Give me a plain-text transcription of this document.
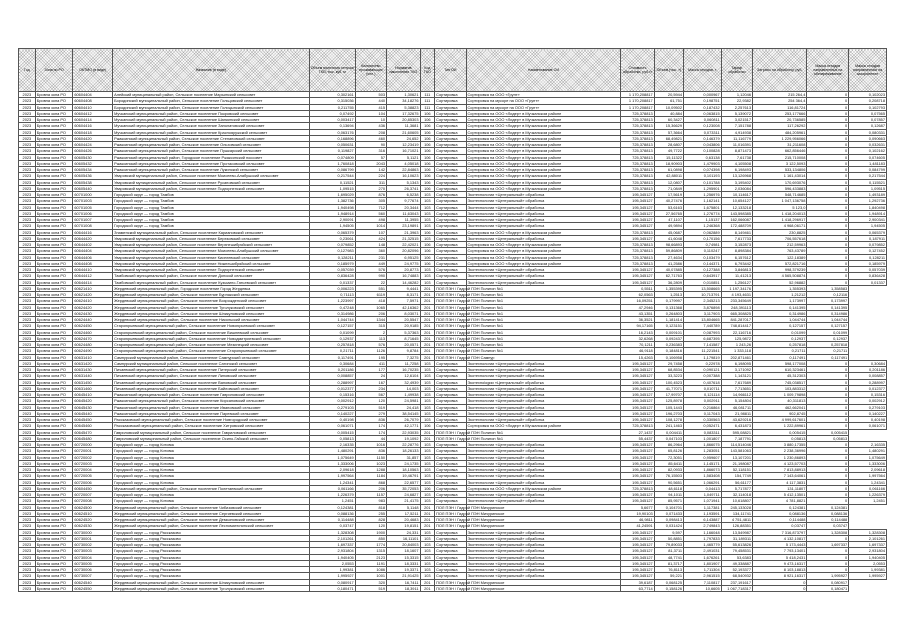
Год	Зона по РО	ОКТМО (в виде)	Название (в виде)	Объем полезного отпуска ТКО, тыс. куб. м	Количество проживающих (чел.)	Норматив накопления ТКО	Код ТКО	Тип ОИ	Наименование ОИ	Стоимость обработки, руб./т	Объем (тыс. т)	Масса отходов, т	Тариф обработки	Затраты на обработку, руб.	Масса отходов направленных на обезвреживание	Масса отходов направленных на захоронение
2023	Бровна зона РО	60604404	Алейский муниципальный район, Сельское поселение Марьинский сельсовет	0,302161	503	1,30621	111	Сортировка	Сортировка на ООО «Грунт»	1 170,208817	20,5944	0,000967	1,12046	215 264,4	0	0,102023
2023	Бровна зона РО	60604408	Бородинский муниципальный район, Сельское поселение Гольцовский сельсовет	0,315036	440	34,18276	111	Сортировка	Сортировка на мусоре на ООО «Грунт»	1 170,208817	61,751	0,198751	22,9382	254 364,4	0	0,208718
2023	Бровна зона РО	60604410	Бородинский муниципальный район, Сельское поселение Голицынский сельсовет	0,211755	415	5,38823	111	Сортировка	Сортировка на мусоре на ООО «Грунт»	1 170,208817	10,09502	0,187432	2,257613	116,81724	0	0,102793
2023	Бровна зона РО	60604412	Мучкапский муниципальный район, Сельское поселение Покровский сельсовет	0,07492	104	17,32675	106	Сортировка	Сортировка на ООО «Лидер» в Мучкапском районе	725,378813	40,884	0,063815	5,139072	253,177666	0	0,07565
2023	Бровна зона РО	60604414	Мучкапский муниципальный район, Сельское поселение Шапкинский сельсовет	0,003417	10	20,85303	106	Сортировка	Сортировка на ООО «Лидер» в Мучкапском районе	725,378813	60,3427	0,060811	3,021517	20,736585	0	0,07857
2023	Бровна зона РО	60604416	Мучкапский муниципальный район, Сельское поселение Заполатовский сельсовет	0,13694	436	11,3681	106	Сортировка	Сортировка на ООО «Лидер» в Мучкапском районе	725,378813	15,36629	0,123008	7,151788	117,26292	0	0,12687
2023	Бровна зона РО	60604418	Мучкапский муниципальный район, Сельское поселение Краснояружский сельсовет	0,063176	208	21,60605	106	Сортировка	Сортировка на ООО «Лидер» в Мучкапском районе	725,378813	57,3664	0,073311	4,914938	484,205961	0	0,080331
2023	Бровна зона РО	60604420	Ржаксинский муниципальный район, Сельское поселение Степановский сельсовет	0,168896	460	24,652	106	Сортировка	Сортировка на ООО «Лидер» в Мучкапском районе	725,378813	68,49821	0,146379	11,116779	1 229,956066	0	0,090663
2023	Бровна зона РО	60604424	Ржаксинский муниципальный район, Сельское поселение Ольховский сельсовет	0,050631	90	12,23419	106	Сортировка	Сортировка на ООО «Лидер» в Мучкапском районе	725,378813	28,6807	0,043806	11,016391	31,211608	0	0,032631
2023	Бровна зона РО	60604426	Ржаксинский муниципальный район, Сельское поселение Пушкарский сельсовет	0,119827	316	16,71021	106	Сортировка	Сортировка на ООО «Лидер» в Мучкапском районе	725,378813	49,7722	0,100828	8,871473	662,856446	0	0,102162
2023	Бровна зона РО	60605430	Ржаксинский муниципальный район, Городское поселение Ржаксинский поссовет	0,074809	57	5,1121	106	Сортировка	Сортировка на ООО «Лидер» в Мучкапском районе	725,378813	15,11322	0,63138	7,61738	215,710008	0	0,074605
2023	Бровна зона РО	60605432	Ржаксинский муниципальный район, Сельское поселение Протасовский сельсовет	1,760818	2043	4,05018	106	Сортировка	Сортировка на ООО «Лидер» в Мучкапском районе	725,378813	18,90903	1,479903	4,105508	3 122,5093	0	1,481183
2023	Бровна зона РО	60605434	Ржаксинский муниципальный район, Сельское поселение Лукинский сельсовет	0,086799	142	22,84863	106	Сортировка	Сортировка на ООО «Лидер» в Мучкапском районе	725,378813	61,0898	0,074398	6,198493	533,134806	0	0,084799
2023	Бровна зона РО	60605436	Уваровский муниципальный район, Сельское поселение Моисеево-Алабушский сельсовет	0,217544	224	16,10623	106	Сортировка	Сортировка на ООО «Лидер» в Мучкапском районе	725,378813	42,88011	0,101193	13,126968	1 161,43014	0	0,217544
2023	Бровна зона РО	60605438	Уваровский муниципальный район, Сельское поселение Русановский сельсовет	0,11521	311	5,1343	106	Сортировка	Сортировка на ООО «Лидер» в Мучкапском районе	725,378813	12,0807	0,101788	3,195402	170,693076	0	0,115521
2023	Бровна зона РО	60605440	Уваровский муниципальный район, Сельское поселение Подгорненский сельсовет	1,09515	270	26,3741	106	Сортировка	Сортировка на ООО «Лидер» в Мучкапском районе	725,378813	71,0849	1,295901	2,036084	596,433883	0	1,09515
2023	Бровна зона РО	60701000	Городской округ — город Тамбов	1,695029	876	6,5238	103	Сортировка	Экотехнологии «Центральный» обработка	195,345127	17,5619	1,256976	10,114617	548,714685	0	1,493189
2023	Бровна зона РО	60701003	Городской округ — город Тамбов	1,382736	305	9,77674	103	Сортировка	Экотехнологии «Центральный» обработка	195,345127	40,27476	1,162141	10,654127	1 047,136758	0	1,292736
2023	Бровна зона РО	60701005	Городской округ — город Тамбов	1,940498	712	20,3444	103	Сортировка	Экотехнологии «Центральный» обработка	195,345127	53,6163	1,675801	12,133218	5 123,0	0	1,840498
2023	Бровна зона РО	60701006	Городской округ — город Тамбов	1,948914	560	11,63043	103	Сортировка	Экотехнологии «Центральный» обработка	195,345127	27,56765	1,276774	143,598385	1 418,204013	0	1,948914
2023	Бровна зона РО	60701007	Городской округ — город Тамбов	2,90091	498	11,3955	103	Сортировка	Экотехнологии «Центральный» обработка	195,345127	47,1107	1,15137	162,066087	1 418,296917	0	2,900341
2023	Бровна зона РО	60701008	Городской округ — город Тамбов	1,94505	1014	23,19891	103	Сортировка	Экотехнологии «Центральный» обработка	195,345127	49,9894	1,246368	172,488709	4 968,06171	0	1,94505
2023	Бровна зона РО	60644416	Знаменский муниципальный район, Сельское поселение Кариановский сельсовет	0,065379	107	21,3963	106	Сортировка	Сортировка на ООО «Лидер» в Мучкапском районе	725,378813	45,0687	0,062889	8,149461	230,8825	0	0,065379
2023	Бровна зона РО	60644420	Уваровский муниципальный район, Сельское поселение Березовский сельсовет	0,23061	424	21,32515	103	Сортировка	Экотехнологии «Центральный» обработка	195,345127	41,6048	0,170156	7,617733	706,557618	0	0,187911
2023	Бровна зона РО	60644402	Уваровский муниципальный район, Сельское поселение Верхнешибряйский сельсовет	0,079852	148	22,42021	106	Сортировка	Сортировка на ООО «Лидер» в Мучкапском районе	725,378813	98,66893	0,74981	3,152873	212,59963	0	0,079852
2023	Бровна зона РО	60644404	Уваровский муниципальный район, Сельское поселение Моисеево-Алабушский сельсовет	0,127983	360	20,82096	106	Сортировка	Сортировка на ООО «Лидер» в Мучкапском районе	725,378813	59,86809	0,110247	8,898384	763,43789	0	0,127452
2023	Бровна зона РО	60644406	Уваровский муниципальный район, Сельское поселение Киселевский сельсовет	0,128211	231	6,95125	106	Сортировка	Сортировка на ООО «Лидер» в Мучкапском районе	725,378813	27,4634	0,103479	6,157612	122,18389	0	0,128211
2023	Бровна зона РО	60644408	Уваровский муниципальный район, Сельское поселение Нижнешибряйский сельсовет	0,185979	449	24,9775	106	Сортировка	Сортировка на ООО «Лидер» в Мучкапском районе	725,378813	41,2586	0,144371	6,793442	572,821716	0	0,185979
2023	Бровна зона РО	60644410	Уваровский муниципальный район, Сельское поселение Подгорненский сельсовет	0,057039	576	20,8773	103	Сортировка	Экотехнологии «Центральный» обработка	195,345127	40,07885	0,127388	3,846813	998,379239	0	0,057039
2023	Бровна зона РО	60644412	Тамбовский муниципальный район, Сельское поселение Донской сельсовет	0,836428	990	16,74883	103	Сортировка	Экотехнологии «Центральный» обработка	195,345127	62,71763	0,643917	11,41213	4 565,508874	0	0,836428
2023	Бровна зона РО	60644414	Тамбовский муниципальный район, Сельское поселение Кузьмино-Гатьевский сельсовет	0,01337	22	14,46282	103	Сортировка	Экотехнологии «Центральный» обработка	195,345127	36,2809	0,010851	1,256127	52,96882	0	0,01337
2023	Бровна зона РО	60621410	Жердевский муниципальный район, Городское поселение Город Жердевка	0,006223	551	9,4441	201	ПОЛ ПЭН / Гидрой ПЭН Полигон №1		0,5511	1,355395	13,508665	1 197,34176	1,355393	1,358583	
2023	Бровна зона РО	60621420	Жердевский муниципальный район, Сельское поселение Бурнакский сельсовет	0,71113	6119	8,3171	201	ПОЛ ПЭН / Гидрой ПЭН Полигон №1		62,0563	1,2513	10,713791	4 193,4631	1,21212	0,12116	
2023	Бровна зона РО	60624410	Жердевский муниципальный район, Сельское поселение Возрожденский сельсовет	1,223997	418	7,5971	201	ПОЛ ПЭН / Гидрой ПЭН Полигон №1		16,09251	0,179997	2,345213	233,345649	1,173997	0,173997	
2023	Бровна зона РО	60624420	Жердевский муниципальный район, Сельское поселение Туголуковский сельсовет	0,47248	1065	42,16362	201	ПОЛ ПЭН / Гидрой ПЭН Полигон №1		47,2946	0,131368	3,876898	248,391113	0,141395	0,141395	
2023	Бровна зона РО	60624430	Жердевский муниципальный район, Сельское поселение Шпикуловский сельсовет	0,314986	206	8,03071	201	ПОЛ ПЭН / Гидрой ПЭН Полигон №1		43,1351	0,264803	3,117903	665,308825	0,314986	0,314986	
2023	Бровна зона РО	60624440	Жердевский муниципальный район, Сельское поселение Никольский сельсовет	1,044744	1344	20,5547	201	ПОЛ ПЭН / Гидрой ПЭН Полигон №1		36,3521	1,181414	13,804665	841,287017	1,044744	1,044744	
2023	Бровна зона РО	60624450	Староюрьевский муниципальный район, Сельское поселение Новоюрьевский сельсовет	0,127157	315	20,9185	201	ПОЛ ПЭН / Гидрой ПЭН Полигон №1		94,17165	0,123151	7,440789	748,814417	0,127157	0,127157	
2023	Бровна зона РО	60624460	Староюрьевский муниципальный район, Сельское поселение Вишневский сельсовет	0,01099	2	5,37363	201	ПОЛ ПЭН / Гидрой ПЭН Полигон №1		16,2143	0,009101	0,087993	22,116716	0,01099	0,01099	
2023	Бровна зона РО	60624470	Староюрьевский муниципальный район, Сельское поселение Новодмитриевский сельсовет	0,12937	113	8,71645	201	ПОЛ ПЭН / Гидрой ПЭН Полигон №1		32,6268	0,092437	6,687395	125,9872	0,12937	0,12937	
2023	Бровна зона РО	60624480	Староюрьевский муниципальный район, Сельское поселение Мезинецкий сельсовет	0,257818	576	20,0571	201	ПОЛ ПЭН / Гидрой ПЭН Полигон №1		70,1211	0,236383	7,141587	1 243,26	0,257818	0,257818	
2023	Бровна зона РО	60624490	Староюрьевский муниципальный район, Сельское поселение Староюрьевский сельсовет	0,21711	1126	9,8784	201	ПОЛ ПЭН / Гидрой ПЭН Полигон №1		46,9118	0,184816	11,221541	1 333,118	0,21711	0,21711	
2023	Бровна зона РО	60631410	Сампурский муниципальный район, Сельское поселение Сампурский сельсовет	0,117491	195	7,3275	201	ПОЛ ПЭН / Гидрой ПЭН Сампур		15,4263	0,106958	1,179819	202,871461	0,117491	0,117491	
2023	Бровна зона РО	60631420	Сампурский муниципальный район, Сельское поселение Сатинский сельсовет	0,30684	411	11,7258	103	Сортировка	Экотехнологии «Центральный» обработка	195,345127	29,7458	0,22978	6,198095	598,177008	0	0,30684
2023	Бровна зона РО	60631430	Пичаевский муниципальный район, Сельское поселение Питерский сельсовет	0,201186	177	16,70235	103	Сортировка	Экотехнологии «Центральный» обработка	195,345127	68,8534	0,090121	3,171092	610,323461	0	0,201186
2023	Бровна зона РО	60631440	Пичаевский муниципальный район, Сельское поселение Липовский сельсовет	0,008857	24	12,6104	103	Сортировка	Экотехнологии «Центральный» обработка	195,345127	33,3223	0,007388	1,143121	45,312303	0	0,008857
2023	Бровна зона РО	60631450	Пичаевский муниципальный район, Сельское поселение Вановский сельсовет	0,288997	167	32,4939	103	Сортировка	Экотехнologии «Центральный» обработка	195,345127	100,4523	0,407618	7,617689	745,038517	0	0,288997
2023	Бровна зона РО	60631460	Пичаевский муниципальный район, Сельское поселение Байловский сельсовет	0,012377	234	14,003	103	Сортировка	Экотехнологии «Центральный» обработка	195,345127	41,77071	0,010711	7,713651	103,883312	0	0,012377
2023	Бровна зона РО	60645410	Ржаксинский муниципальный район, Сельское поселение Гавриловский сельсовет	0,15316	567	1,49938	103	Сортировка	Экотехнологии «Центральный» обработка	195,345127	17,99707	0,121114	14,966112	1 009,79898	0	0,15316
2023	Бровна зона РО	60645420	Ржаксинский муниципальный район, Сельское поселение Кирсановский сельсовет	0,002912	120	24,5981	103	Сортировка	Экотехнологии «Центральный» обработка	195,345127	125,8978	0,002911	5,154804	40,311813	0	0,002912
2023	Бровна зона РО	60645430	Ржаксинский муниципальный район, Сельское поселение Ивановский сельсовет	0,279103	519	24,418	103	Сортировка	Экотехнологии «Центральный» обработка	195,345127	105,1443	0,216864	46,081711	462,662041	0	0,279103
2023	Бровна зона РО	60645440	Ржаксинский муниципальный район, Сельское поселение Паревский сельсовет	0,140227	279	38,54145	103	Сортировка	Экотехнологии «Центральный» обработка	195,345127	196,2703	0,117043	21,98811	902,8745	0	0,140227
2023	Бровна зона РО	60645450	Рассказовский муниципальный район, Сельское поселение Новгородский сельсовет	0,40198	836	26,7079	103	Сортировка	Экотехнологии «Центральный» обработка	195,345127	108,1278	0,330563	43,629216	4 999,617601	0	0,40198
2023	Бровна зона РО	60645460	Рассказовский муниципальный район, Сельское поселение Хитровский сельсовет	0,061071	174	42,1771	106	Сортировка	Сортировка на ООО «Лидер» в Мучкапском районе	725,378813	241,1463	0,052471	6,431873	1 222,89961	0	0,061071
2023	Бровна зона РО	60645470	Гавриловский муниципальный район, Сельское поселение Гавриловский сельсовет	0,005415	174	22,93035	201	ПОЛ ПЭН / Гидрой ПЭН Полигон №1		27,1437	0,004411	0,083311	595,08821	0,005415	0,005415	
2023	Бровна зона РО	60645480	Гавриловский муниципальный район, Сельское поселение Осино-Гайский сельсовет	0,05813	44	19,1092	201	ПОЛ ПЭН / Гидрой ПЭН Полигон №1		55,4437	0,047103	1,001807	7,187791	0,05813	0,05813	
2023	Бровна зона РО	60720000	Городской округ — город Котовск	2,16335	1016	22,28776	103	Сортировка	Экотехнологии «Центральный» обработка	195,345127	86,2964	1,866075	114,514046	3 880,17355	0	2,16335
2023	Бровна зона РО	60720001	Городской округ — город Котовск	1,480291	836	18,26133	103	Сортировка	Экотехнологии «Центральный» обработка	195,345127	65,8126	1,283051	143,581063	2 238,36996	0	1,480291
2023	Бровна зона РО	60720002	Городской округ — город Котовск	1,075649	1150	31,857	103	Сортировка	Экотехнологии «Центральный» обработка	195,345127	72,3051	0,959607	13,107201	1 230,86893	0	1,075649
2023	Бровна зона РО	60720003	Городской округ — город Котовск	1,333006	1023	24,1735	103	Сортировка	Экотехнологии «Центральный» обработка	195,345127	85,6411	1,145171	21,198087	4 123,57703	0	1,333006
2023	Бровна зона РО	60720004	Городской округ — город Котовск	2,09618	1288	18,10563	103	Сортировка	Экотехнологии «Центральный» обработка	195,345127	82,0933	1,866073	52,118151	7 813,88913	0	2,09618
2023	Бровна зона РО	60720005	Городской округ — город Котовск	1,997564	1184	19,46791	103	Сортировка	Экотехнологии «Центральный» обработка	195,345127	76,15503	1,583408	154,7749	7 143,64061	0	1,997564
2023	Бровна зона РО	60720006	Городской округ — город Котовск	1,24341	868	22,6577	103	Сортировка	Экотехнологии «Центральный» обработка	195,345127	90,5651	1,066291	56,61177	4 117,3831	0	1,24341
2023	Бровна зона РО	60604450	Мучкапский муниципальный район, Сельское поселение Полетаевский сельсовет	0,061166	206	35,72053	106	Сортировка	Сортировка на ООО «Лидер» в Мучкапском районе	725,378813	48,6118	0,04413	5,717877	131,11807	0	0,061166
2023	Бровна зона РО	60720007	Городской округ — город Котовск	1,226379	1157	24,6827	103	Сортировка	Экотехнологии «Центральный» обработка	195,345127	94,1011	1,049711	32,114018	5 412,13501	0	1,226379
2023	Бровна зона РО	60720008	Городской округ — город Котовск	1,2451	983	21,4175	103	Сортировка	Экотехнологии «Центральный» обработка	195,345127	85,9571	1,071941	10,618807	4 781,8821	0	1,2451
2023	Бровна зона РО	60624500	Жердевский муниципальный район, Сельское поселение Чибизовский сельсовет	0,124381	818	5,1148	201	ПОЛ ПЭН / Гидрой ПЭН Мичуринское		5,6677	0,104701	1,117381	245,133028	0,124381	0,124381	
2023	Бровна зона РО	60624510	Жердевский муниципальный район, Сельское поселение Сергиевский сельсовет	0,088136	255	17,5211	201	ПОЛ ПЭН / Гидрой ПЭН Мичуринское		19,90103	0,071433	1,193591	134,11741	0,088136	0,088136	
2023	Бровна зона РО	60624520	Жердевский муниципальный район, Сельское поселение Демьяновский сельсовет	0,114488	828	20,4683	201	ПОЛ ПЭН / Гидрой ПЭН Мичуринское		46,9811	0,098413	6,143887	4 751,4811	0,114488	0,114488	
2023	Бровна зона РО	60624530	Жердевский муниципальный район, Сельское поселение Лесноматюнинский сельсовет	0,03747	120	19,8151	201	ПОЛ ПЭН / Гидрой ПЭН Мичуринское		41,24591	0,031424	2,749843	126,88351	0,03747	0,03747	
2023	Бровна зона РО	60730000	Городской округ — город Рассказово	1,328308	1900	24,331	103	Сортировка	Экотехнологии «Центральный» обработка	195,345127	9,597	1,166048	13,549987	7 316,873797	1,328308	1,328308
2023	Бровна зона РО	60730001	Городской округ — город Рассказово	2,101261	850	16,11101	103	Сортировка	Экотехнологии «Центральный» обработка	195,345127	50,8851	1,797833	31,189311	4 132,10817	0	2,101261
2023	Бровна зона РО	60730002	Городской округ — город Рассказово	1,697337	1774	20,84003	103	Сортировка	Экотехнологии «Центральный» обработка	195,345127	79,89033	1,465779	55,613826	5 173,4443	1,697337	1,697337
2023	Бровна зона РО	60730003	Городской округ — город Рассказово	2,931804	1315	18,1607	103	Сортировка	Экотехнологии «Центральный» обработка	195,345127	81,3711	2,491031	79,458531	7 793,13401	0	2,931804
2023	Бровна зона РО	60730004	Городской округ — город Рассказово	1,940405	2123	15,3315	103	Сортировка	Экотехнологии «Центральный» обработка	195,345127	48,7741	1,676261	53,6383	5 418,2431	0	1,940405
2023	Бровна зона РО	60730005	Городской округ — город Рассказово	2,0553	1191	18,3331	103	Сортировка	Экотехнологии «Центральный» обработка	195,345127	81,3717	1,801907	49,338887	9 473,16317	0	2,0553
2023	Бровна зона РО	60730006	Городской округ — город Рассказово	1,99381	1086	19,3371	103	Сортировка	Экотехнологии «Центральный» обработка	195,345127	76,8113	1,711304	52,193377	8 103,18813	0	1,99381
2023	Бровна зона РО	60730007	Городской округ — город Рассказово	1,995927	1001	21,91425	103	Сортировка	Экотехнологии «Центральный» обработка	195,345127	59,221	2,961515	68,540932	8 921,16317	1,995927	1,995927
2023	Бровна зона РО	60624540	Жердевский муниципальный район, Сельское поселение Шпикуловский сельсовет	0,080917	320	16,7411	201	ПОЛ ПЭН / Гидрой ПЭН Мичуринское		39,6187	0,068125	7,110817	237,191617	0	0,080917	
2023	Бровна зона РО	60624550	Жердевский муниципальный район, Сельское поселение Туголуковский сельсовет	0,180471	519	18,3911	201	ПОЛ ПЭН / Гидрой ПЭН Мичуринское		63,7714	0,158126	10,6605	1 067,718317	0	0,180471	
